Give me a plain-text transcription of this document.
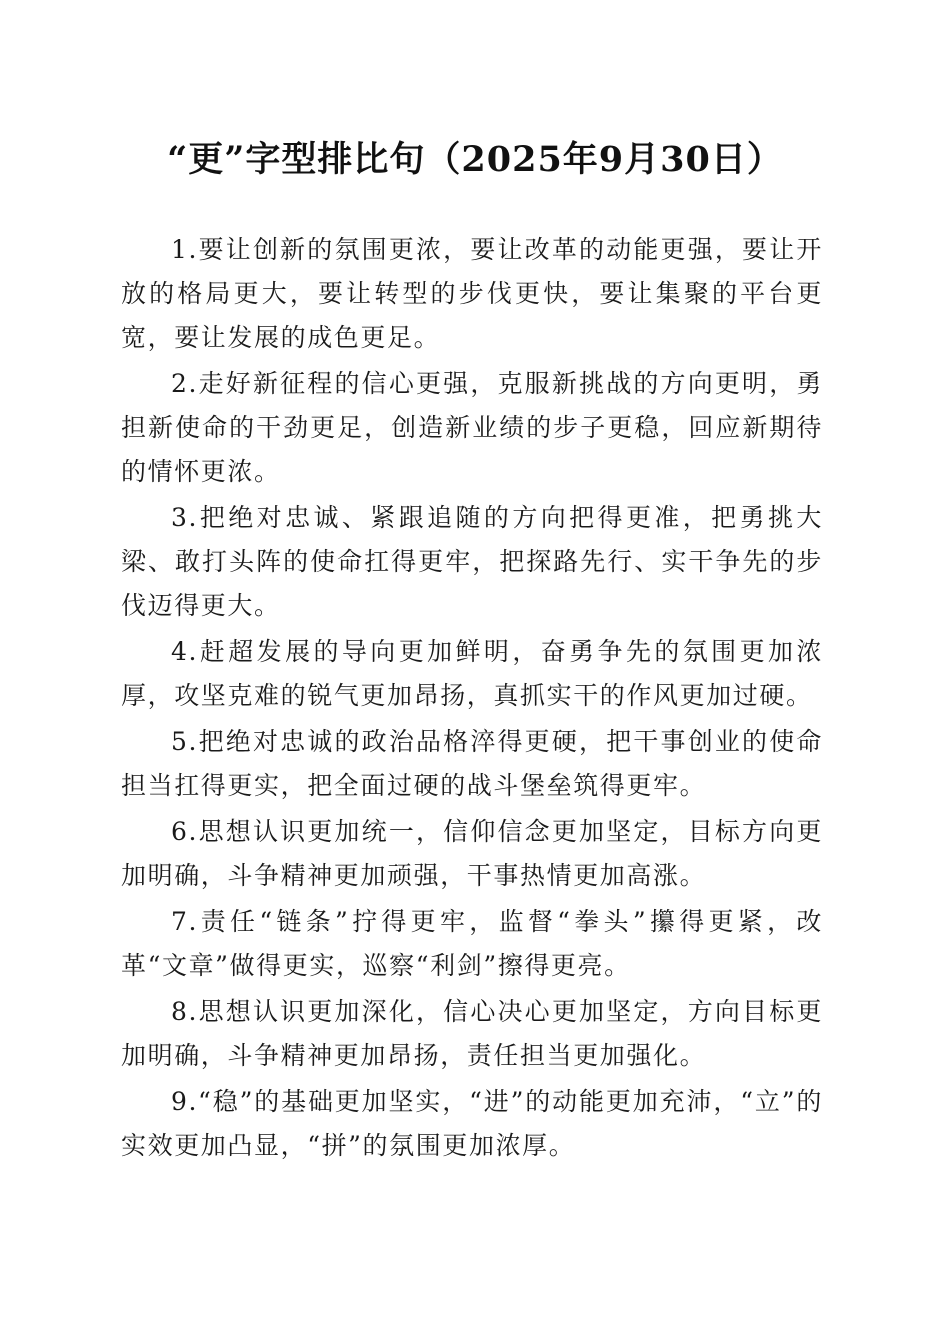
“更”字型排比句（2025年9月30日）

1.要让创新的氛围更浓，要让改革的动能更强，要让开放的格局更大，要让转型的步伐更快，要让集聚的平台更宽，要让发展的成色更足。

2.走好新征程的信心更强，克服新挑战的方向更明，勇担新使命的干劲更足，创造新业绩的步子更稳，回应新期待的情怀更浓。

3.把绝对忠诚、紧跟追随的方向把得更准，把勇挑大梁、敢打头阵的使命扛得更牢，把探路先行、实干争先的步伐迈得更大。

4.赶超发展的导向更加鲜明，奋勇争先的氛围更加浓厚，攻坚克难的锐气更加昂扬，真抓实干的作风更加过硬。

5.把绝对忠诚的政治品格淬得更硬，把干事创业的使命担当扛得更实，把全面过硬的战斗堡垒筑得更牢。

6.思想认识更加统一，信仰信念更加坚定，目标方向更加明确，斗争精神更加顽强，干事热情更加高涨。

7.责任“链条”拧得更牢，监督“拳头”攥得更紧，改革“文章”做得更实，巡察“利剑”擦得更亮。

8.思想认识更加深化，信心决心更加坚定，方向目标更加明确，斗争精神更加昂扬，责任担当更加强化。

9.“稳”的基础更加坚实，“进”的动能更加充沛，“立”的实效更加凸显，“拼”的氛围更加浓厚。
